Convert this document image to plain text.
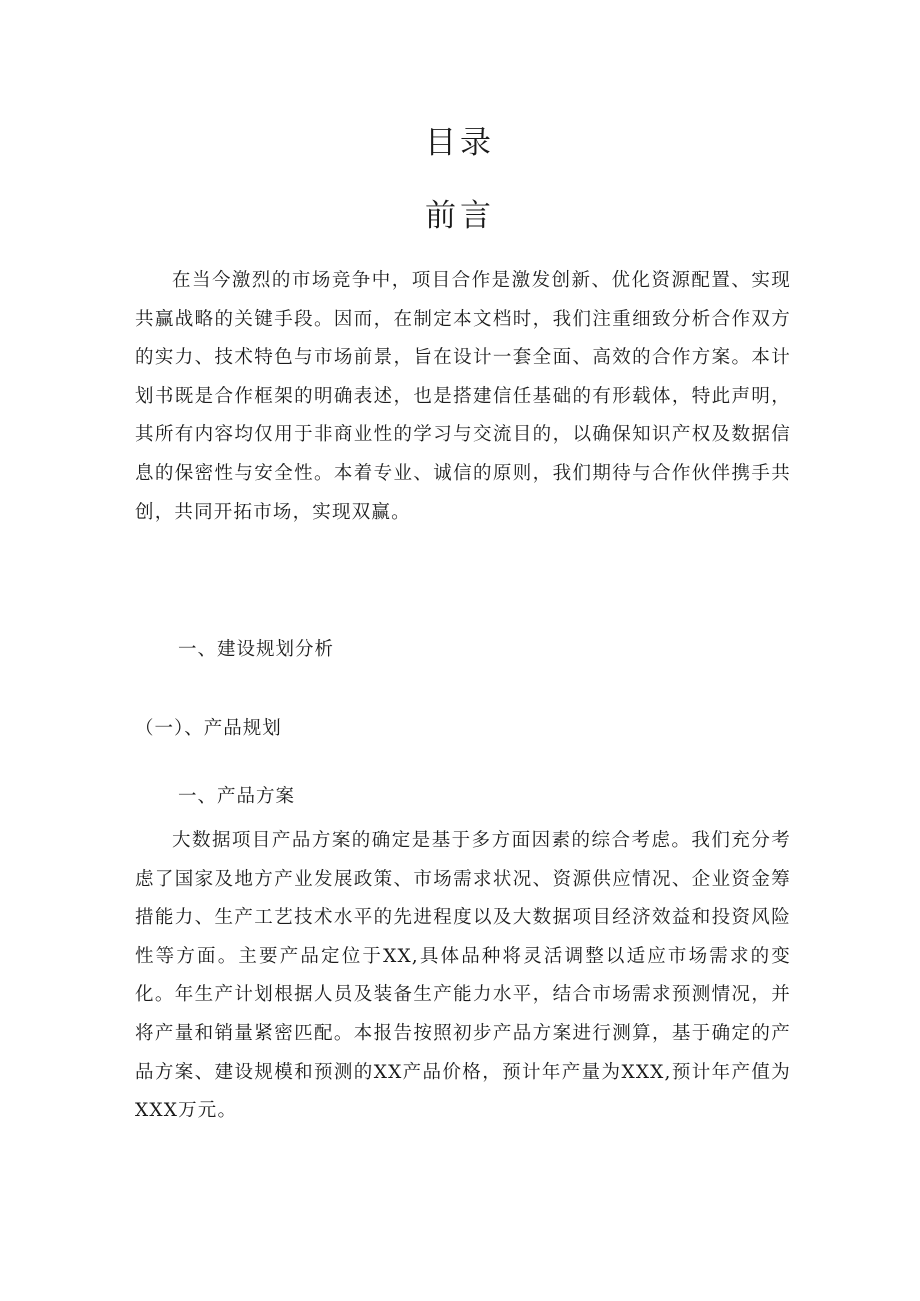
目录
前言

在当今激烈的市场竞争中，项目合作是激发创新、优化资源配置、实现共赢战略的关键手段。因而，在制定本文档时，我们注重细致分析合作双方的实力、技术特色与市场前景，旨在设计一套全面、高效的合作方案。本计划书既是合作框架的明确表述，也是搭建信任基础的有形载体，特此声明，其所有内容均仅用于非商业性的学习与交流目的，以确保知识产权及数据信息的保密性与安全性。本着专业、诚信的原则，我们期待与合作伙伴携手共创，共同开拓市场，实现双赢。

一、建设规划分析
（一）、产品规划
一、产品方案

大数据项目产品方案的确定是基于多方面因素的综合考虑。我们充分考虑了国家及地方产业发展政策、市场需求状况、资源供应情况、企业资金筹措能力、生产工艺技术水平的先进程度以及大数据项目经济效益和投资风险性等方面。主要产品定位于XX,具体品种将灵活调整以适应市场需求的变化。年生产计划根据人员及装备生产能力水平，结合市场需求预测情况，并将产量和销量紧密匹配。本报告按照初步产品方案进行测算，基于确定的产品方案、建设规模和预测的XX产品价格，预计年产量为XXX,预计年产值为XXX万元。
